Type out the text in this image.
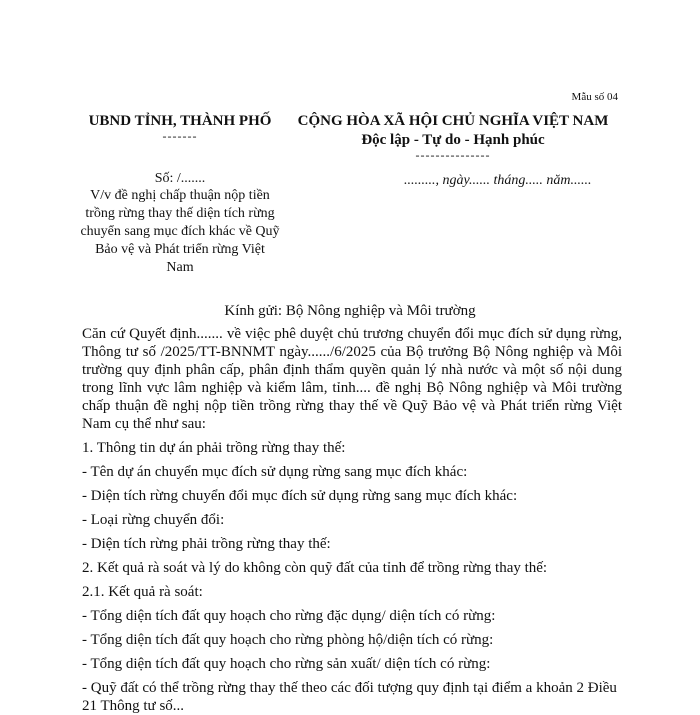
Mẫu số 04
UBND TỈNH, THÀNH PHỐ
-------
CỘNG HÒA XÃ HỘI CHỦ NGHĨA VIỆT NAM
Độc lập - Tự do - Hạnh phúc
---------------
Số: /.......
V/v đề nghị chấp thuận nộp tiền trồng rừng thay thế diện tích rừng chuyển sang mục đích khác về Quỹ Bảo vệ và Phát triển rừng Việt Nam
........., ngày...... tháng..... năm......
Kính gửi: Bộ Nông nghiệp và Môi trường

Căn cứ Quyết định....... về việc phê duyệt chủ trương chuyển đổi mục đích sử dụng rừng, Thông tư số /2025/TT-BNNMT ngày....../6/2025 của Bộ trưởng Bộ Nông nghiệp và Môi trường quy định phân cấp, phân định thẩm quyền quản lý nhà nước và một số nội dung trong lĩnh vực lâm nghiệp và kiểm lâm, tỉnh.... đề nghị Bộ Nông nghiệp và Môi trường chấp thuận đề nghị nộp tiền trồng rừng thay thế về Quỹ Bảo vệ và Phát triển rừng Việt Nam cụ thể như sau:

1. Thông tin dự án phải trồng rừng thay thế:

- Tên dự án chuyển mục đích sử dụng rừng sang mục đích khác:

- Diện tích rừng chuyển đổi mục đích sử dụng rừng sang mục đích khác:

- Loại rừng chuyển đổi:

- Diện tích rừng phải trồng rừng thay thế:

2. Kết quả rà soát và lý do không còn quỹ đất của tỉnh để trồng rừng thay thế:

2.1. Kết quả rà soát:

- Tổng diện tích đất quy hoạch cho rừng đặc dụng/ diện tích có rừng:

- Tổng diện tích đất quy hoạch cho rừng phòng hộ/diện tích có rừng:

- Tổng diện tích đất quy hoạch cho rừng sản xuất/ diện tích có rừng:

- Quỹ đất có thể trồng rừng thay thế theo các đối tượng quy định tại điểm a khoản 2 Điều 21 Thông tư số...
